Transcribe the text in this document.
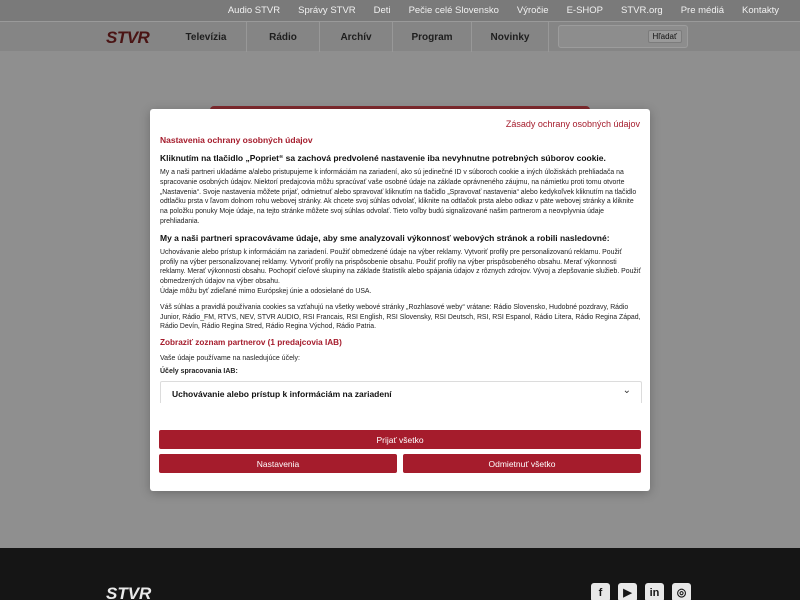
Audio STVR	Správy STVR	Deti	Pečie celé Slovensko	Výročie	E-SHOP	STVR.org	Pre médiá	Kontakty
STVR	Televízia	Rádio	Archív	Program	Novinky	Hľadať
STVR	f	▶	in	◎
Zásady ochrany osobných údajov
Nastavenia ochrany osobných údajov
Kliknutím na tlačidlo „Popriet“ sa zachová predvolené nastavenie iba nevyhnutne potrebných súborov cookie.

My a naši partneri ukladáme a/alebo pristupujeme k informáciám na zariadení, ako sú jedinečné ID v súboroch cookie a iných úložiskách prehliadača na spracovanie osobných údajov. Niektorí predajcovia môžu spracúvať vaše osobné údaje na základe oprávneného záujmu, na námietku proti tomu otvorte „Nastavenia“. Svoje nastavenia môžete prijať, odmietnuť alebo spravovať kliknutím na tlačidlo „Spravovať nastavenia“ alebo kedykoľvek kliknutím na tlačidlo odtlačku prsta v ľavom dolnom rohu webovej stránky. Ak chcete svoj súhlas odvolať, kliknite na odtlačok prsta alebo odkaz v päte webovej stránky a kliknite na položku ponuky Moje údaje, na tejto stránke môžete svoj súhlas odvolať. Tieto voľby budú signalizované našim partnerom a neovplyvnia údaje prehliadania.

My a naši partneri spracovávame údaje, aby sme analyzovali výkonnosť webových stránok a robili nasledovné:

Uchovávanie alebo prístup k informáciám na zariadení. Použiť obmedzené údaje na výber reklamy. Vytvoriť profily pre personalizovanú reklamu. Použiť profily na výber personalizovanej reklamy. Vytvoriť profily na prispôsobenie obsahu. Použiť profily na výber prispôsobeného obsahu. Merať výkonnosti reklamy. Merať výkonnosti obsahu. Pochopiť cieľové skupiny na základe štatistík alebo spájania údajov z rôznych zdrojov. Vývoj a zlepšovanie služieb. Použiť obmedzených údajov na výber obsahu.

Údaje môžu byť zdieľané mimo Európskej únie a odosielané do USA.

Váš súhlas a pravidlá používania cookies sa vzťahujú na všetky webové stránky „Rozhlasové weby“ vrátane: Rádio Slovensko, Hudobné pozdravy, Rádio Junior, Rádio_FM, RTVS, NEV, STVR AUDIO, RSI Francais, RSI English, RSI Slovensky, RSI Deutsch, RSI, RSI Espanol, Rádio Litera, Rádio Regina Západ, Rádio Devín, Rádio Regina Stred, Rádio Regina Východ, Rádio Patria.

Zobraziť zoznam partnerov (1 predajcovia IAB)
Vaše údaje používame na nasledujúce účely:
Účely spracovania IAB:
Uchovávanie alebo prístup k informáciám na zariadení	⌄
Prijať všetko
Nastavenia	Odmietnuť všetko
